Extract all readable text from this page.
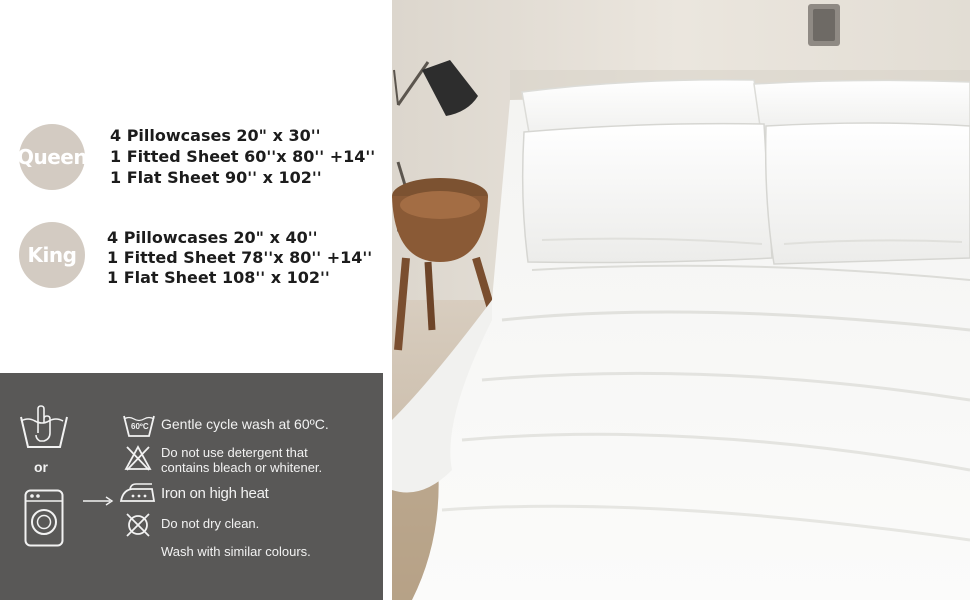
Queen
4 Pillowcases 20" x 30''
1 Fitted Sheet 60''x 80'' +14''
1 Flat Sheet 90'' x 102''
King
4 Pillowcases 20" x 40''
1 Fitted Sheet 78''x 80'' +14''
1 Flat Sheet 108'' x 102''
or
60ºC Gentle cycle wash at 60ºC.
Do not use detergent that
contains bleach or whitener.
Iron on high heat
Do not dry clean.
Wash with similar colours.
